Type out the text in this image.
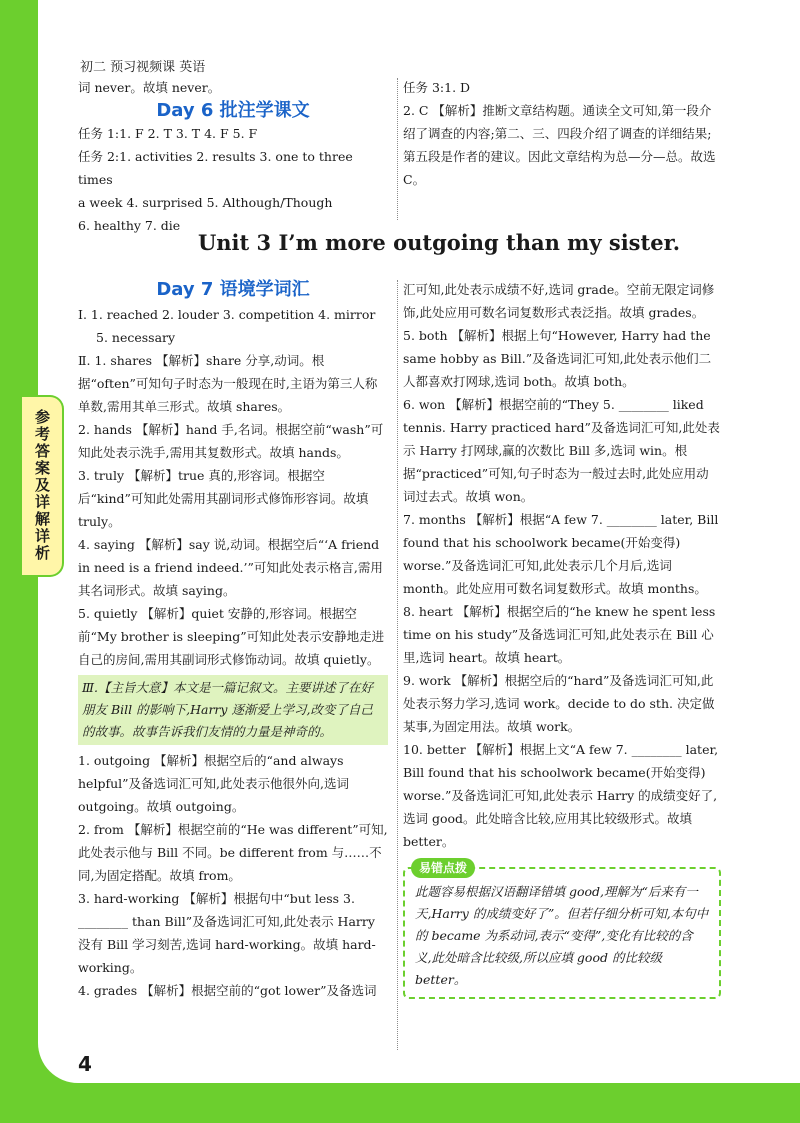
初二 预习视频课 英语
参考答案及详解详析

词 never。故填 never。

Day 6 批注学课文

任务 1:1. F 2. T 3. T 4. F 5. F

任务 2:1. activities 2. results 3. one to three times

a week 4. surprised 5. Although/Though

6. healthy 7. die

任务 3:1. D

2. C 【解析】推断文章结构题。通读全文可知,第一段介绍了调查的内容;第二、三、四段介绍了调查的详细结果;第五段是作者的建议。因此文章结构为总—分—总。故选 C。

Unit 3 I’m more outgoing than my sister.

Day 7 语境学词汇

Ⅰ. 1. reached 2. louder 3. competition 4. mirror

5. necessary

Ⅱ. 1. shares 【解析】share 分享,动词。根据“often”可知句子时态为一般现在时,主语为第三人称单数,需用其单三形式。故填 shares。

2. hands 【解析】hand 手,名词。根据空前“wash”可知此处表示洗手,需用其复数形式。故填 hands。

3. truly 【解析】true 真的,形容词。根据空后“kind”可知此处需用其副词形式修饰形容词。故填 truly。

4. saying 【解析】say 说,动词。根据空后“‘A friend in need is a friend indeed.’”可知此处表示格言,需用其名词形式。故填 saying。

5. quietly 【解析】quiet 安静的,形容词。根据空前“My brother is sleeping”可知此处表示安静地走进自己的房间,需用其副词形式修饰动词。故填 quietly。

Ⅲ.【主旨大意】本文是一篇记叙文。主要讲述了在好朋友 Bill 的影响下,Harry 逐渐爱上学习,改变了自己的故事。故事告诉我们友情的力量是神奇的。

1. outgoing 【解析】根据空后的“and always helpful”及备选词汇可知,此处表示他很外向,选词 outgoing。故填 outgoing。

2. from 【解析】根据空前的“He was different”可知,此处表示他与 Bill 不同。be different from 与……不同,为固定搭配。故填 from。

3. hard-working 【解析】根据句中“but less 3. ________ than Bill”及备选词汇可知,此处表示 Harry 没有 Bill 学习刻苦,选词 hard-working。故填 hard-working。

4. grades 【解析】根据空前的“got lower”及备选词

汇可知,此处表示成绩不好,选词 grade。空前无限定词修饰,此处应用可数名词复数形式表泛指。故填 grades。

5. both 【解析】根据上句“However, Harry had the same hobby as Bill.”及备选词汇可知,此处表示他们二人都喜欢打网球,选词 both。故填 both。

6. won 【解析】根据空前的“They 5. ________ liked tennis. Harry practiced hard”及备选词汇可知,此处表示 Harry 打网球,赢的次数比 Bill 多,选词 win。根据“practiced”可知,句子时态为一般过去时,此处应用动词过去式。故填 won。

7. months 【解析】根据“A few 7. ________ later, Bill found that his schoolwork became(开始变得) worse.”及备选词汇可知,此处表示几个月后,选词 month。此处应用可数名词复数形式。故填 months。

8. heart 【解析】根据空后的“he knew he spent less time on his study”及备选词汇可知,此处表示在 Bill 心里,选词 heart。故填 heart。

9. work 【解析】根据空后的“hard”及备选词汇可知,此处表示努力学习,选词 work。decide to do sth. 决定做某事,为固定用法。故填 work。

10. better 【解析】根据上文“A few 7. ________ later, Bill found that his schoolwork became(开始变得) worse.”及备选词汇可知,此处表示 Harry 的成绩变好了,选词 good。此处暗含比较,应用其比较级形式。故填 better。

易错点拨

此题容易根据汉语翻译错填 good,理解为“后来有一天,Harry 的成绩变好了”。但若仔细分析可知,本句中的 became 为系动词,表示“变得”,变化有比较的含义,此处暗含比较级,所以应填 good 的比较级 better。

4
